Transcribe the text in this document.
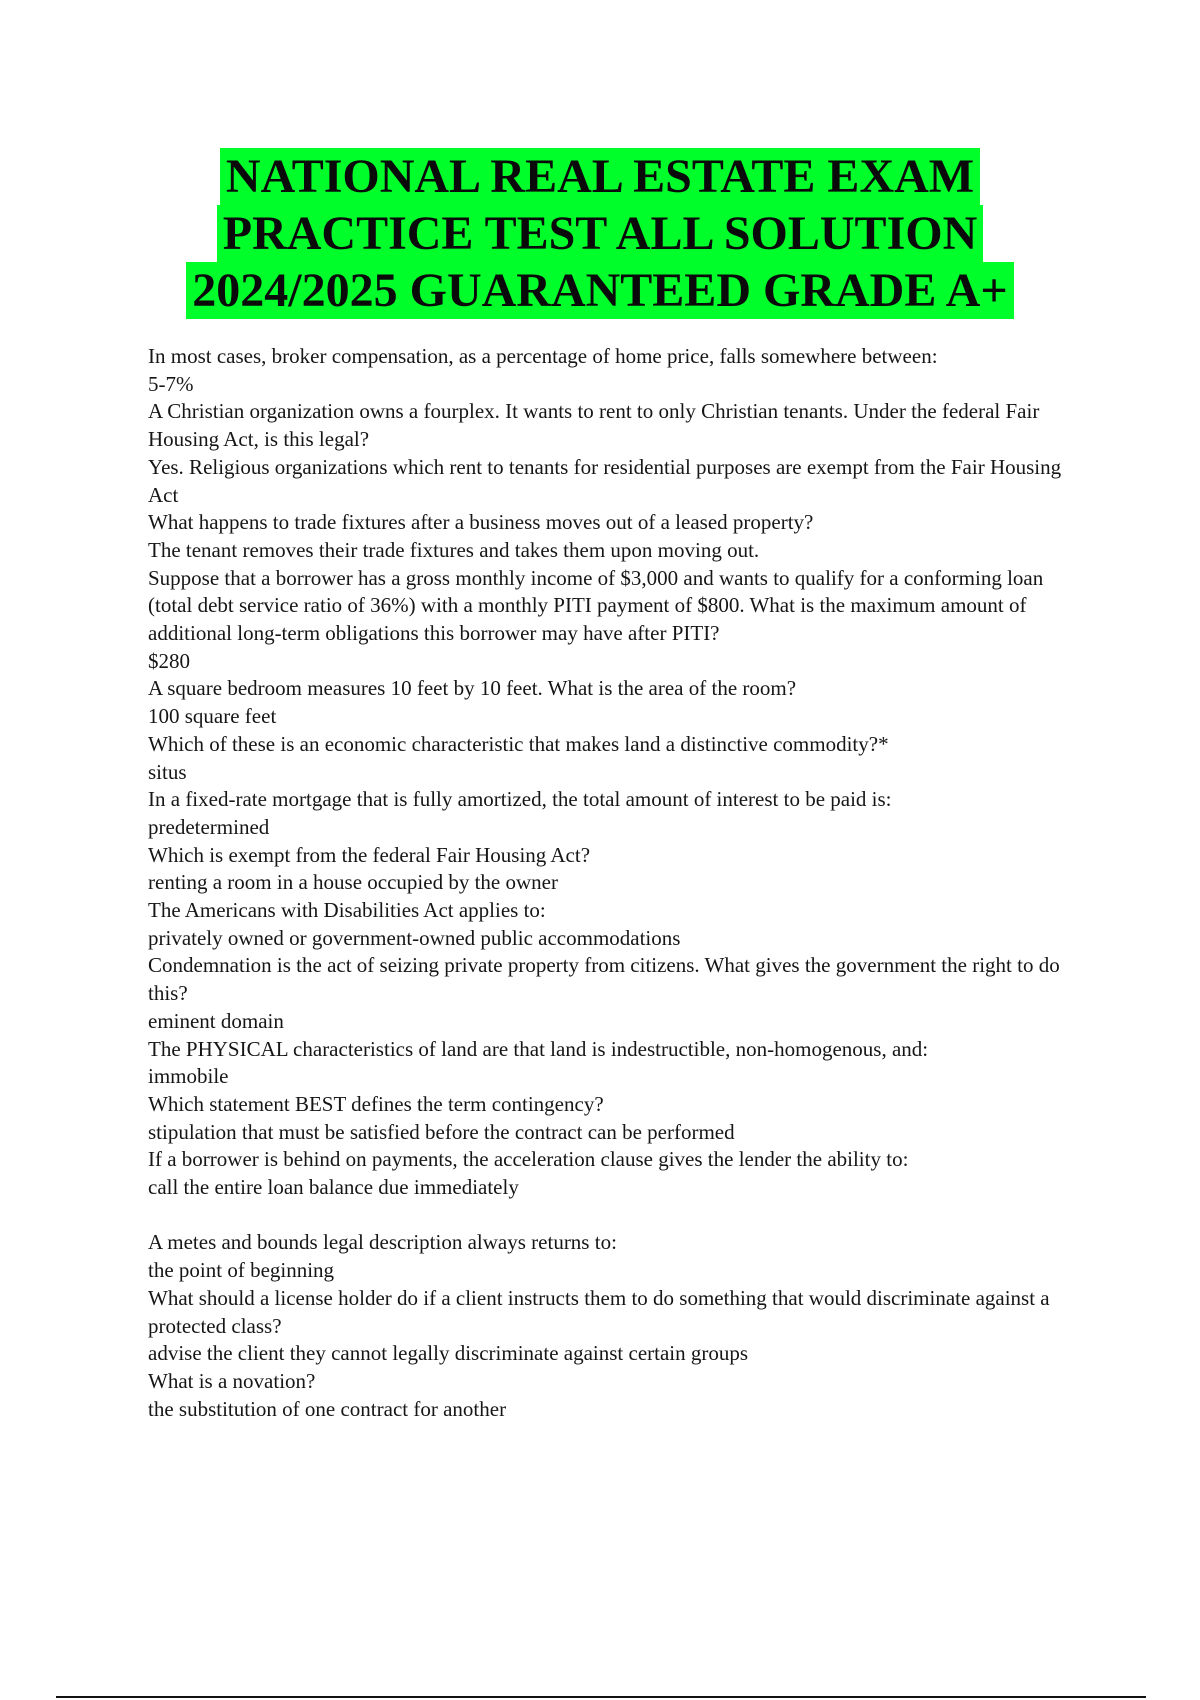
NATIONAL REAL ESTATE EXAM
PRACTICE TEST ALL SOLUTION
2024/2025 GUARANTEED GRADE A+

In most cases, broker compensation, as a percentage of home price, falls somewhere between:

5-7%

A Christian organization owns a fourplex. It wants to rent to only Christian tenants. Under the federal Fair Housing Act, is this legal?

Yes. Religious organizations which rent to tenants for residential purposes are exempt from the Fair Housing Act

What happens to trade fixtures after a business moves out of a leased property?

The tenant removes their trade fixtures and takes them upon moving out.

Suppose that a borrower has a gross monthly income of $3,000 and wants to qualify for a conforming loan (total debt service ratio of 36%) with a monthly PITI payment of $800. What is the maximum amount of additional long-term obligations this borrower may have after PITI?

$280

A square bedroom measures 10 feet by 10 feet. What is the area of the room?

100 square feet

Which of these is an economic characteristic that makes land a distinctive commodity?*

situs

In a fixed-rate mortgage that is fully amortized, the total amount of interest to be paid is:

predetermined

Which is exempt from the federal Fair Housing Act?

renting a room in a house occupied by the owner

The Americans with Disabilities Act applies to:

privately owned or government-owned public accommodations

Condemnation is the act of seizing private property from citizens. What gives the government the right to do this?

eminent domain

The PHYSICAL characteristics of land are that land is indestructible, non-homogenous, and:

immobile

Which statement BEST defines the term contingency?

stipulation that must be satisfied before the contract can be performed

If a borrower is behind on payments, the acceleration clause gives the lender the ability to:

call the entire loan balance due immediately

A metes and bounds legal description always returns to:

the point of beginning

What should a license holder do if a client instructs them to do something that would discriminate against a protected class?

advise the client they cannot legally discriminate against certain groups

What is a novation?

the substitution of one contract for another
